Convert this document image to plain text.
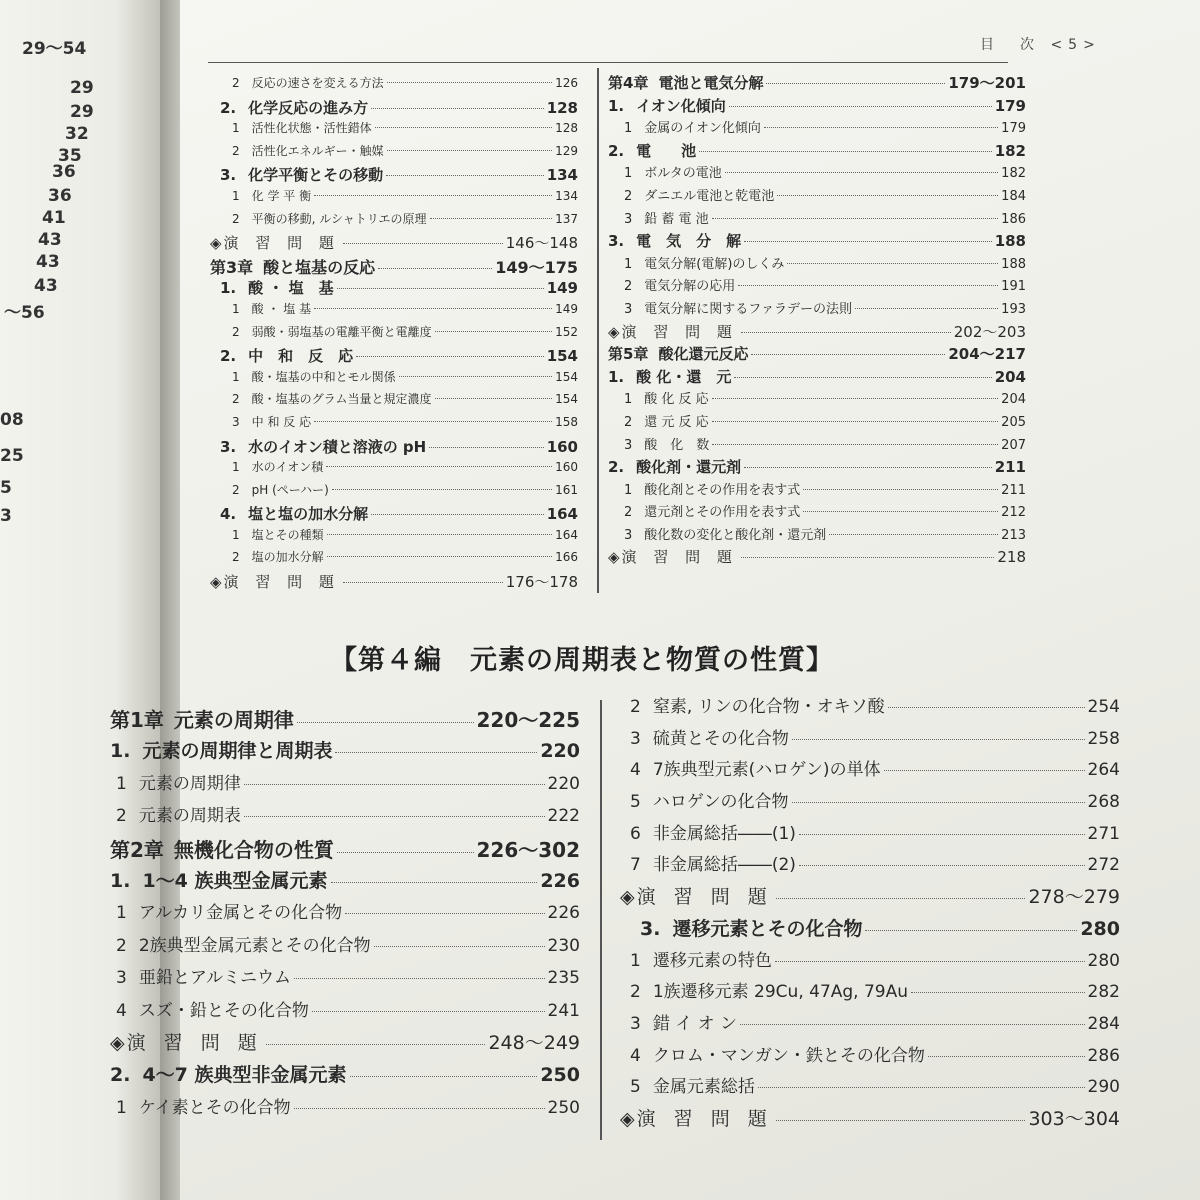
29～54
29
29
32
35
36
36
41
43
43
43
～56
08
25
5
3
目　次 <5>
2 反応の速さを変える方法	126
2. 化学反応の進み方	128
1 活性化状態・活性錯体	128
2 活性化エネルギー・触媒	129
3. 化学平衡とその移動	134
1 化 学 平 衡	134
2 平衡の移動, ルシャトリエの原理	137
◈ 演 習 問 題	146～148
第3章 酸と塩基の反応	149～175
1. 酸 ・ 塩　基	149
1 酸 ・ 塩 基	149
2 弱酸・弱塩基の電離平衡と電離度	152
2. 中　和　反　応	154
1 酸・塩基の中和とモル関係	154
2 酸・塩基のグラム当量と規定濃度	154
3 中 和 反 応	158
3. 水のイオン積と溶液の pH	160
1 水のイオン積	160
2 pH (ペーハー)	161
4. 塩と塩の加水分解	164
1 塩とその種類	164
2 塩の加水分解	166
◈ 演 習 問 題	176～178
第4章 電池と電気分解	179～201
1. イオン化傾向	179
1 金属のイオン化傾向	179
2. 電　　池	182
1 ボルタの電池	182
2 ダニエル電池と乾電池	184
3 鉛 蓄 電 池	186
3. 電　気　分　解	188
1 電気分解(電解)のしくみ	188
2 電気分解の応用	191
3 電気分解に関するファラデーの法則	193
◈ 演 習 問 題	202～203
第5章 酸化還元反応	204～217
1. 酸 化・還　元	204
1 酸 化 反 応	204
2 還 元 反 応	205
3 酸　化　数	207
2. 酸化剤・還元剤	211
1 酸化剤とその作用を表す式	211
2 還元剤とその作用を表す式	212
3 酸化数の変化と酸化剤・還元剤	213
◈ 演 習 問 題	218
【第４編　元素の周期表と物質の性質】
第1章 元素の周期律	220～225
1. 元素の周期律と周期表	220
1 元素の周期律	220
2 元素の周期表	222
第2章 無機化合物の性質	226～302
1. 1～4 族典型金属元素	226
1 アルカリ金属とその化合物	226
2 2族典型金属元素とその化合物	230
3 亜鉛とアルミニウム	235
4 スズ・鉛とその化合物	241
◈ 演 習 問 題	248～249
2. 4～7 族典型非金属元素	250
1 ケイ素とその化合物	250
2 窒素, リンの化合物・オキソ酸	254
3 硫黄とその化合物	258
4 7族典型元素(ハロゲン)の単体	264
5 ハロゲンの化合物	268
6 非金属総括――(1)	271
7 非金属総括――(2)	272
◈ 演 習 問 題	278～279
3. 遷移元素とその化合物	280
1 遷移元素の特色	280
2 1族遷移元素 29Cu, 47Ag, 79Au	282
3 錯 イ オ ン	284
4 クロム・マンガン・鉄とその化合物	286
5 金属元素総括	290
◈ 演 習 問 題	303～304
